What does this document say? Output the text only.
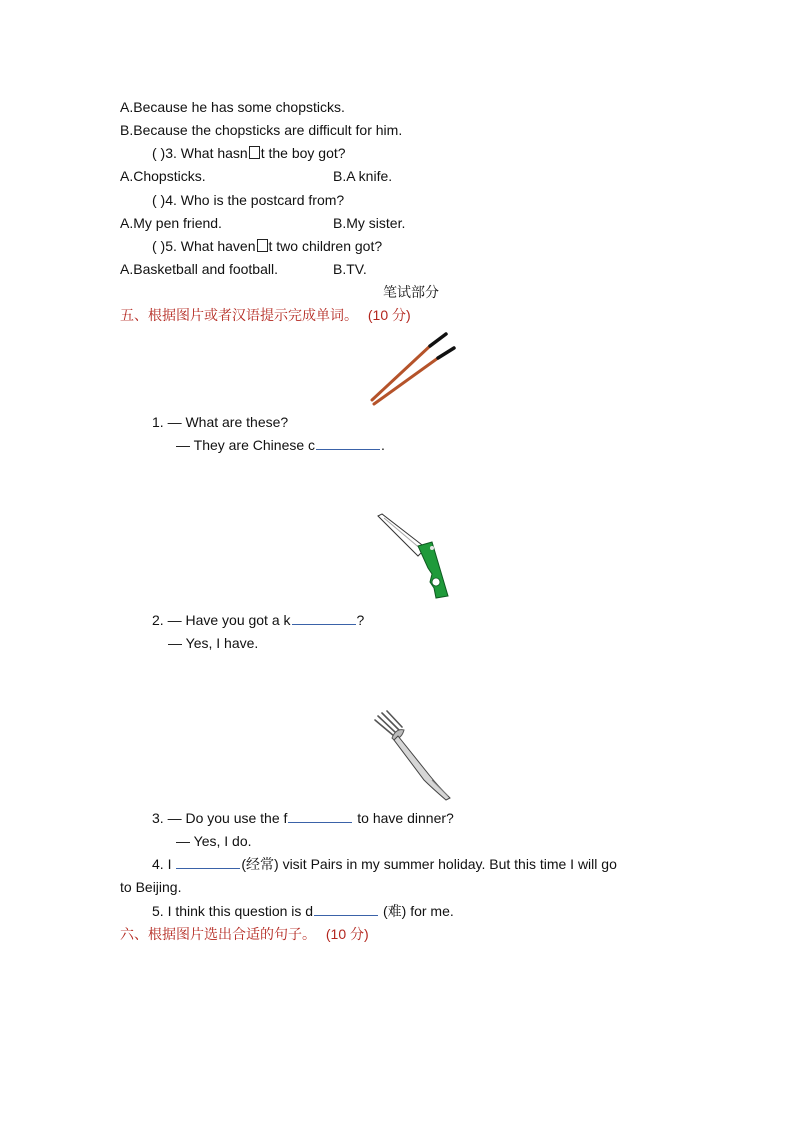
A.Because he has some chopsticks.
B.Because the chopsticks are difficult for him.
( )3. What hasn t the boy got?
A.Chopsticks.	B.A knife.
( )4. Who is the postcard from?
A.My pen friend.	B.My sister.
( )5. What haven t two children got?
A.Basketball and football.	B.TV.
笔试部分
五、根据图片或者汉语提示完成单词。 (10 分)
1. — What are these?
— They are Chinese c	.
2. — Have you got a k	?
— Yes, I have.
3. — Do you use the f	to have dinner?
— Yes, I do.
4. I	(经常) visit Pairs in my summer holiday. But this time I will go
to Beijing.
5. I think this question is d	(难) for me.
六、根据图片选出合适的句子。 (10 分)
